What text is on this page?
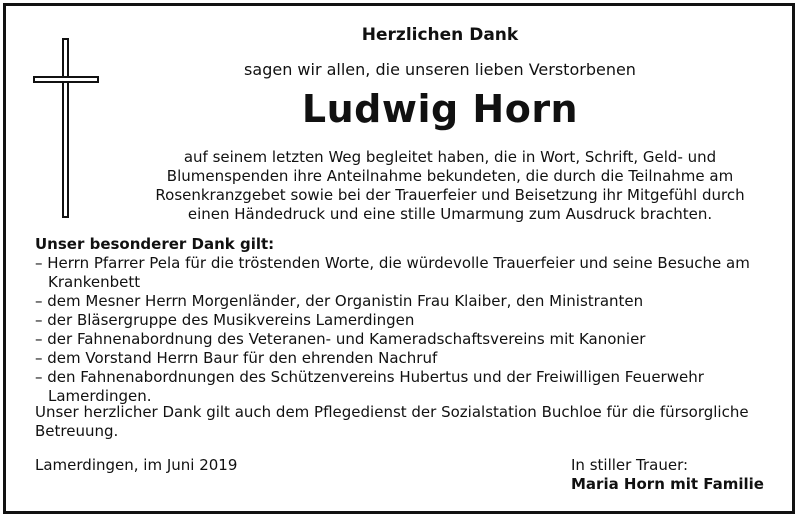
Herzlichen Dank
sagen wir allen, die unseren lieben Verstorbenen
Ludwig Horn
auf seinem letzten Weg begleitet haben, die in Wort, Schrift, Geld- und
Blumenspenden ihre Anteilnahme bekundeten, die durch die Teilnahme am
Rosenkranzgebet sowie bei der Trauerfeier und Beisetzung ihr Mitgefühl durch
einen Händedruck und eine stille Umarmung zum Ausdruck brachten.
Unser besonderer Dank gilt:
– Herrn Pfarrer Pela für die tröstenden Worte, die würdevolle Trauerfeier und seine Besuche am Krankenbett
– dem Mesner Herrn Morgenländer, der Organistin Frau Klaiber, den Ministranten
– der Bläsergruppe des Musikvereins Lamerdingen
– der Fahnenabordnung des Veteranen- und Kameradschaftsvereins mit Kanonier
– dem Vorstand Herrn Baur für den ehrenden Nachruf
– den Fahnenabordnungen des Schützenvereins Hubertus und der Freiwilligen Feuerwehr Lamerdingen.
Unser herzlicher Dank gilt auch dem Pflegedienst der Sozialstation Buchloe für die fürsorgliche Betreuung.
Lamerdingen, im Juni 2019	In stiller Trauer:
Maria Horn mit Familie
